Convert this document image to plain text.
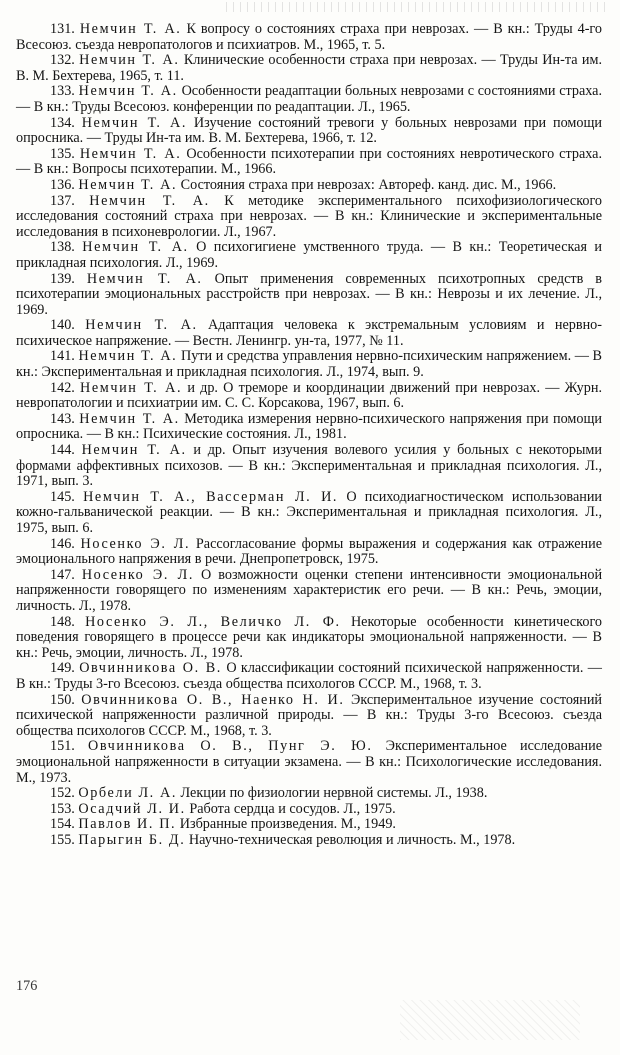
131. Немчин Т. А. К вопросу о состояниях страха при неврозах. — В кн.: Труды 4-го Всесоюз. съезда невропатологов и психиатров. М., 1965, т. 5.

132. Немчин Т. А. Клинические особенности страха при неврозах. — Труды Ин-та им. В. М. Бехтерева, 1965, т. 11.

133. Немчин Т. А. Особенности реадаптации больных неврозами с состояниями страха. — В кн.: Труды Всесоюз. конференции по реадаптации. Л., 1965.

134. Немчин Т. А. Изучение состояний тревоги у больных неврозами при помощи опросника. — Труды Ин-та им. В. М. Бехтерева, 1966, т. 12.

135. Немчин Т. А. Особенности психотерапии при состояниях невротического страха. — В кн.: Вопросы психотерапии. М., 1966.

136. Немчин Т. А. Состояния страха при неврозах: Автореф. канд. дис. М., 1966.

137. Немчин Т. А. К методике экспериментального психофизиологического исследования состояний страха при неврозах. — В кн.: Клинические и экспериментальные исследования в психоневрологии. Л., 1967.

138. Немчин Т. А. О психогигиене умственного труда. — В кн.: Теоретическая и прикладная психология. Л., 1969.

139. Немчин Т. А. Опыт применения современных психотропных средств в психотерапии эмоциональных расстройств при неврозах. — В кн.: Неврозы и их лечение. Л., 1969.

140. Немчин Т. А. Адаптация человека к экстремальным условиям и нервно-психическое напряжение. — Вестн. Ленингр. ун-та, 1977, № 11.

141. Немчин Т. А. Пути и средства управления нервно-психическим напряжением. — В кн.: Экспериментальная и прикладная психология. Л., 1974, вып. 9.

142. Немчин Т. А. и др. О треморе и координации движений при неврозах. — Журн. невропатологии и психиатрии им. С. С. Корсакова, 1967, вып. 6.

143. Немчин Т. А. Методика измерения нервно-психического напряжения при помощи опросника. — В кн.: Психические состояния. Л., 1981.

144. Немчин Т. А. и др. Опыт изучения волевого усилия у больных с некоторыми формами аффективных психозов. — В кн.: Экспериментальная и прикладная психология. Л., 1971, вып. 3.

145. Немчин Т. А., Вассерман Л. И. О психодиагностическом использовании кожно-гальванической реакции. — В кн.: Экспериментальная и прикладная психология. Л., 1975, вып. 6.

146. Носенко Э. Л. Рассогласование формы выражения и содержания как отражение эмоционального напряжения в речи. Днепропетровск, 1975.

147. Носенко Э. Л. О возможности оценки степени интенсивности эмоциональной напряженности говорящего по изменениям характеристик его речи. — В кн.: Речь, эмоции, личность. Л., 1978.

148. Носенко Э. Л., Величко Л. Ф. Некоторые особенности кинетического поведения говорящего в процессе речи как индикаторы эмоциональной напряженности. — В кн.: Речь, эмоции, личность. Л., 1978.

149. Овчинникова О. В. О классификации состояний психической напряженности. — В кн.: Труды 3-го Всесоюз. съезда общества психологов СССР. М., 1968, т. 3.

150. Овчинникова О. В., Наенко Н. И. Экспериментальное изучение состояний психической напряженности различной природы. — В кн.: Труды 3-го Всесоюз. съезда общества психологов СССР. М., 1968, т. 3.

151. Овчинникова О. В., Пунг Э. Ю. Экспериментальное исследование эмоциональной напряженности в ситуации экзамена. — В кн.: Психологические исследования. М., 1973.

152. Орбели Л. А. Лекции по физиологии нервной системы. Л., 1938.

153. Осадчий Л. И. Работа сердца и сосудов. Л., 1975.

154. Павлов И. П. Избранные произведения. М., 1949.

155. Парыгин Б. Д. Научно-техническая революция и личность. М., 1978.

176
